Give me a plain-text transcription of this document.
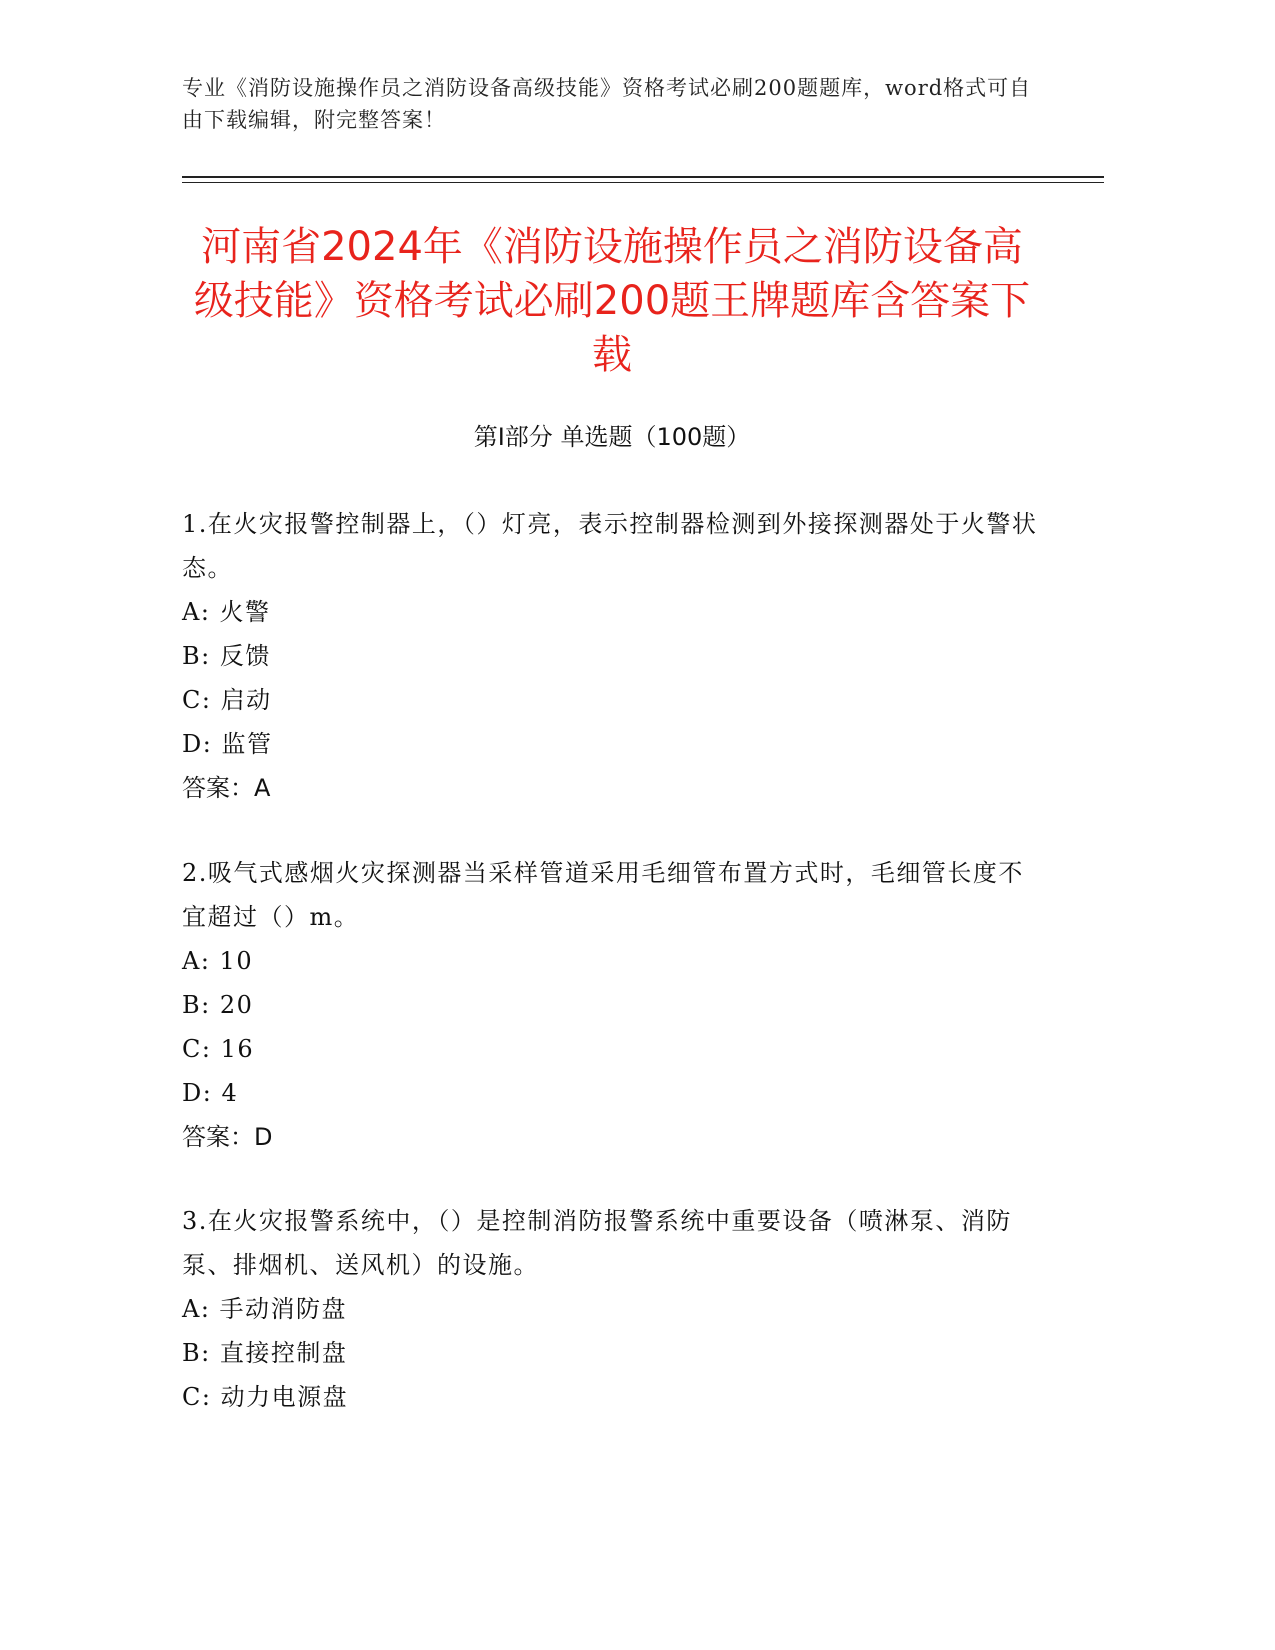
专业《消防设施操作员之消防设备高级技能》资格考试必刷200题题库，word格式可自由下载编辑，附完整答案！
河南省2024年《消防设施操作员之消防设备高级技能》资格考试必刷200题王牌题库含答案下载
第Ⅰ部分 单选题（100题）

1.在火灾报警控制器上，（）灯亮，表示控制器检测到外接探测器处于火警状态。

A: 火警

B: 反馈

C: 启动

D: 监管

答案：A

2.吸气式感烟火灾探测器当采样管道采用毛细管布置方式时，毛细管长度不宜超过（）m。

A: 10

B: 20

C: 16

D: 4

答案：D

3.在火灾报警系统中，（）是控制消防报警系统中重要设备（喷淋泵、消防泵、排烟机、送风机）的设施。

A: 手动消防盘

B: 直接控制盘

C: 动力电源盘
